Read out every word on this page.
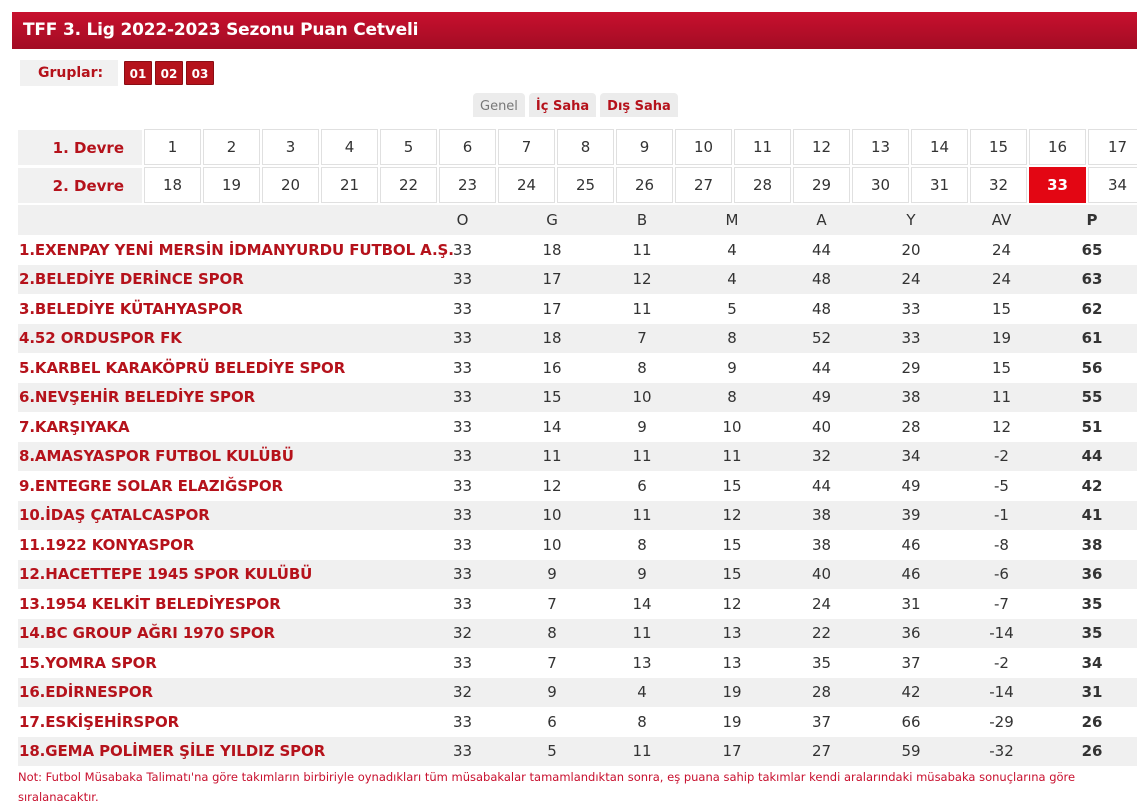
TFF 3. Lig 2022-2023 Sezonu Puan Cetveli
Gruplar:	01	02	03
Genel	İç Saha	Dış Saha
1. Devre	1	2	3	4	5	6	7	8	9	10	11	12	13	14	15	16	17
2. Devre	18	19	20	21	22	23	24	25	26	27	28	29	30	31	32	33	34
O	G	B	M	A	Y	AV	P
1.EXENPAY YENİ MERSİN İDMANYURDU FUTBOL A.Ş. 33	18	11	4	44	20	24	65
2.BELEDİYE DERİNCE SPOR	33	17	12	4	48	24	24	63
3.BELEDİYE KÜTAHYASPOR	33	17	11	5	48	33	15	62
4.52 ORDUSPOR FK	33	18	7	8	52	33	19	61
5.KARBEL KARAKÖPRÜ BELEDİYE SPOR	33	16	8	9	44	29	15	56
6.NEVŞEHİR BELEDİYE SPOR	33	15	10	8	49	38	11	55
7.KARŞIYAKA	33	14	9	10	40	28	12	51
8.AMASYASPOR FUTBOL KULÜBÜ	33	11	11	11	32	34	-2	44
9.ENTEGRE SOLAR ELAZIĞSPOR	33	12	6	15	44	49	-5	42
10.İDAŞ ÇATALCASPOR	33	10	11	12	38	39	-1	41
11.1922 KONYASPOR	33	10	8	15	38	46	-8	38
12.HACETTEPE 1945 SPOR KULÜBÜ	33	9	9	15	40	46	-6	36
13.1954 KELKİT BELEDİYESPOR	33	7	14	12	24	31	-7	35
14.BC GROUP AĞRI 1970 SPOR	32	8	11	13	22	36	-14	35
15.YOMRA SPOR	33	7	13	13	35	37	-2	34
16.EDİRNESPOR	32	9	4	19	28	42	-14	31
17.ESKİŞEHİRSPOR	33	6	8	19	37	66	-29	26
18.GEMA POLİMER ŞİLE YILDIZ SPOR	33	5	11	17	27	59	-32	26
Not: Futbol Müsabaka Talimatı'na göre takımların birbiriyle oynadıkları tüm müsabakalar tamamlandıktan sonra, eş puana sahip takımlar kendi aralarındaki müsabaka sonuçlarına göre sıralanacaktır.
